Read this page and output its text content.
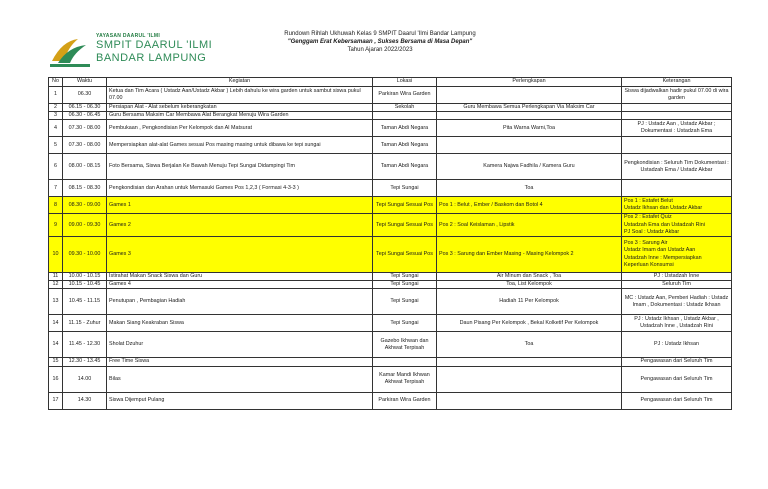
YAYASAN DAARUL 'ILMI
SMPIT DAARUL 'ILMI
BANDAR LAMPUNG
Rundown Rihlah Ukhuwah Kelas 9 SMPIT Daarul 'Ilmi Bandar Lampung
"Genggam Erat Kebersamaan , Sukses Bersama di Masa Depan"
Tahun Ajaran 2022/2023
No	Waktu	Kegiatan	Lokasi	Perlengkapan	Keterangan
1	06.30	Ketua dan Tim Acara ( Ustadz Aan/Ustadz Akbar ) Lebih dahulu ke wira garden untuk sambut siswa pukul 07.00	Parkiran Wira Garden		Siswa dijadwalkan hadir pukul 07.00 di wira garden
2	06.15 - 06.30	Persiapan Alat - Alat sebelum keberangkatan	Sekolah	Guru Membawa Semua Perlengkapan Via Maksim Car	
3	06.30 - 06.45	Guru Bersama Maksim Car Membawa Alat Berangkat Menuju Wira Garden			
4	07.30 - 08.00	Pembukaan , Pengkondisian Per Kelompok dan Al Matsurat	Taman Abdi Negara	Pita Warna Warni,Toa	PJ : Ustadz Aan , Ustadz Akbar ; Dokumentasi : Ustadzah Ema
5	07.30 - 08.00	Mempersiapkan alat-alat Games sesuai Pos masing masing untuk dibawa ke tepi sungai	Taman Abdi Negara		
6	08.00 - 08.15	Foto Bersama, Siswa Berjalan Ke Bawah Menuju Tepi Sungai Didampingi Tim	Taman Abdi Negara	Kamera Najwa Fadhila / Kamera Guru	Pengkondisian : Seluruh Tim Dokumentasi : Ustadzah Ema / Ustadz Akbar
7	08.15 - 08.30	Pengkondisian dan Arahan untuk Memasuki Games Pos 1,2,3 ( Formasi 4-3-3 )	Tepi Sungai	Toa	
8	08.30 - 09.00	Games 1	Tepi Sungai Sesuai Pos	Pos 1 : Belut , Ember / Baskom dan Botol 4	Pos 1 : Estafet Belut
Ustadz Ikhsan dan Ustadz Akbar

9	09.00 - 09.30	Games 2	Tepi Sungai Sesuai Pos	Pos 2 : Soal Keislaman , Lipstik	Pos 2 : Estafet Quiz
Ustadzah Ema dan Ustadzah Rini
PJ Soal : Ustadz Akbar

10	09.30 - 10.00	Games 3	Tepi Sungai Sesuai Pos	Pos 3 : Sarung dan Ember Masing - Masing Kelompok 2	Pos 3 : Sarung Air
Ustadz Imam dan Ustadz Aan
Ustadzah Inne : Mempersiapkan
Keperluan Konsumsi

11	10.00 - 10.15	Istirahat Makan Snack Siswa dan Guru	Tepi Sungai	Air Minum dan Snack , Toa	PJ : Ustadzah Inne
12	10.15 - 10.45	Games 4	Tepi Sungai	Toa, List Kelompok	Seluruh Tim
13	10.45 - 11.15	Penutupan , Pembagian Hadiah	Tepi Sungai	Hadiah 11 Per Kelompok	MC : Ustadz Aan, Pemberi Hadiah : Ustadz Imam , Dokumentasi : Ustadz Ikhsan
14	11.15 - Zuhur	Makan Siang Keakraban Siswa	Tepi Sungai	Daun Pisang Per Kelompok , Bekal Kolketif Per Kelompok	PJ : Ustadz Ikhsan , Ustadz Akbar , Ustadzah Inne , Ustadzah Rini
14	11.45 - 12.30	Sholat Dzuhur	Gazebo Ikhwan dan Akhwat Terpisah	Toa	PJ : Ustadz Ikhsan
15	12.30 - 13.45	Free Time Siswa			Pengawasan dari Seluruh Tim
16	14.00	Bilas	Kamar Mandi Ikhwan Akhwat Terpisah		Pengawasan dari Seluruh Tim
17	14.30	Siswa Dijemput Pulang	Parkiran Wira Garden		Pengawasan dari Seluruh Tim
